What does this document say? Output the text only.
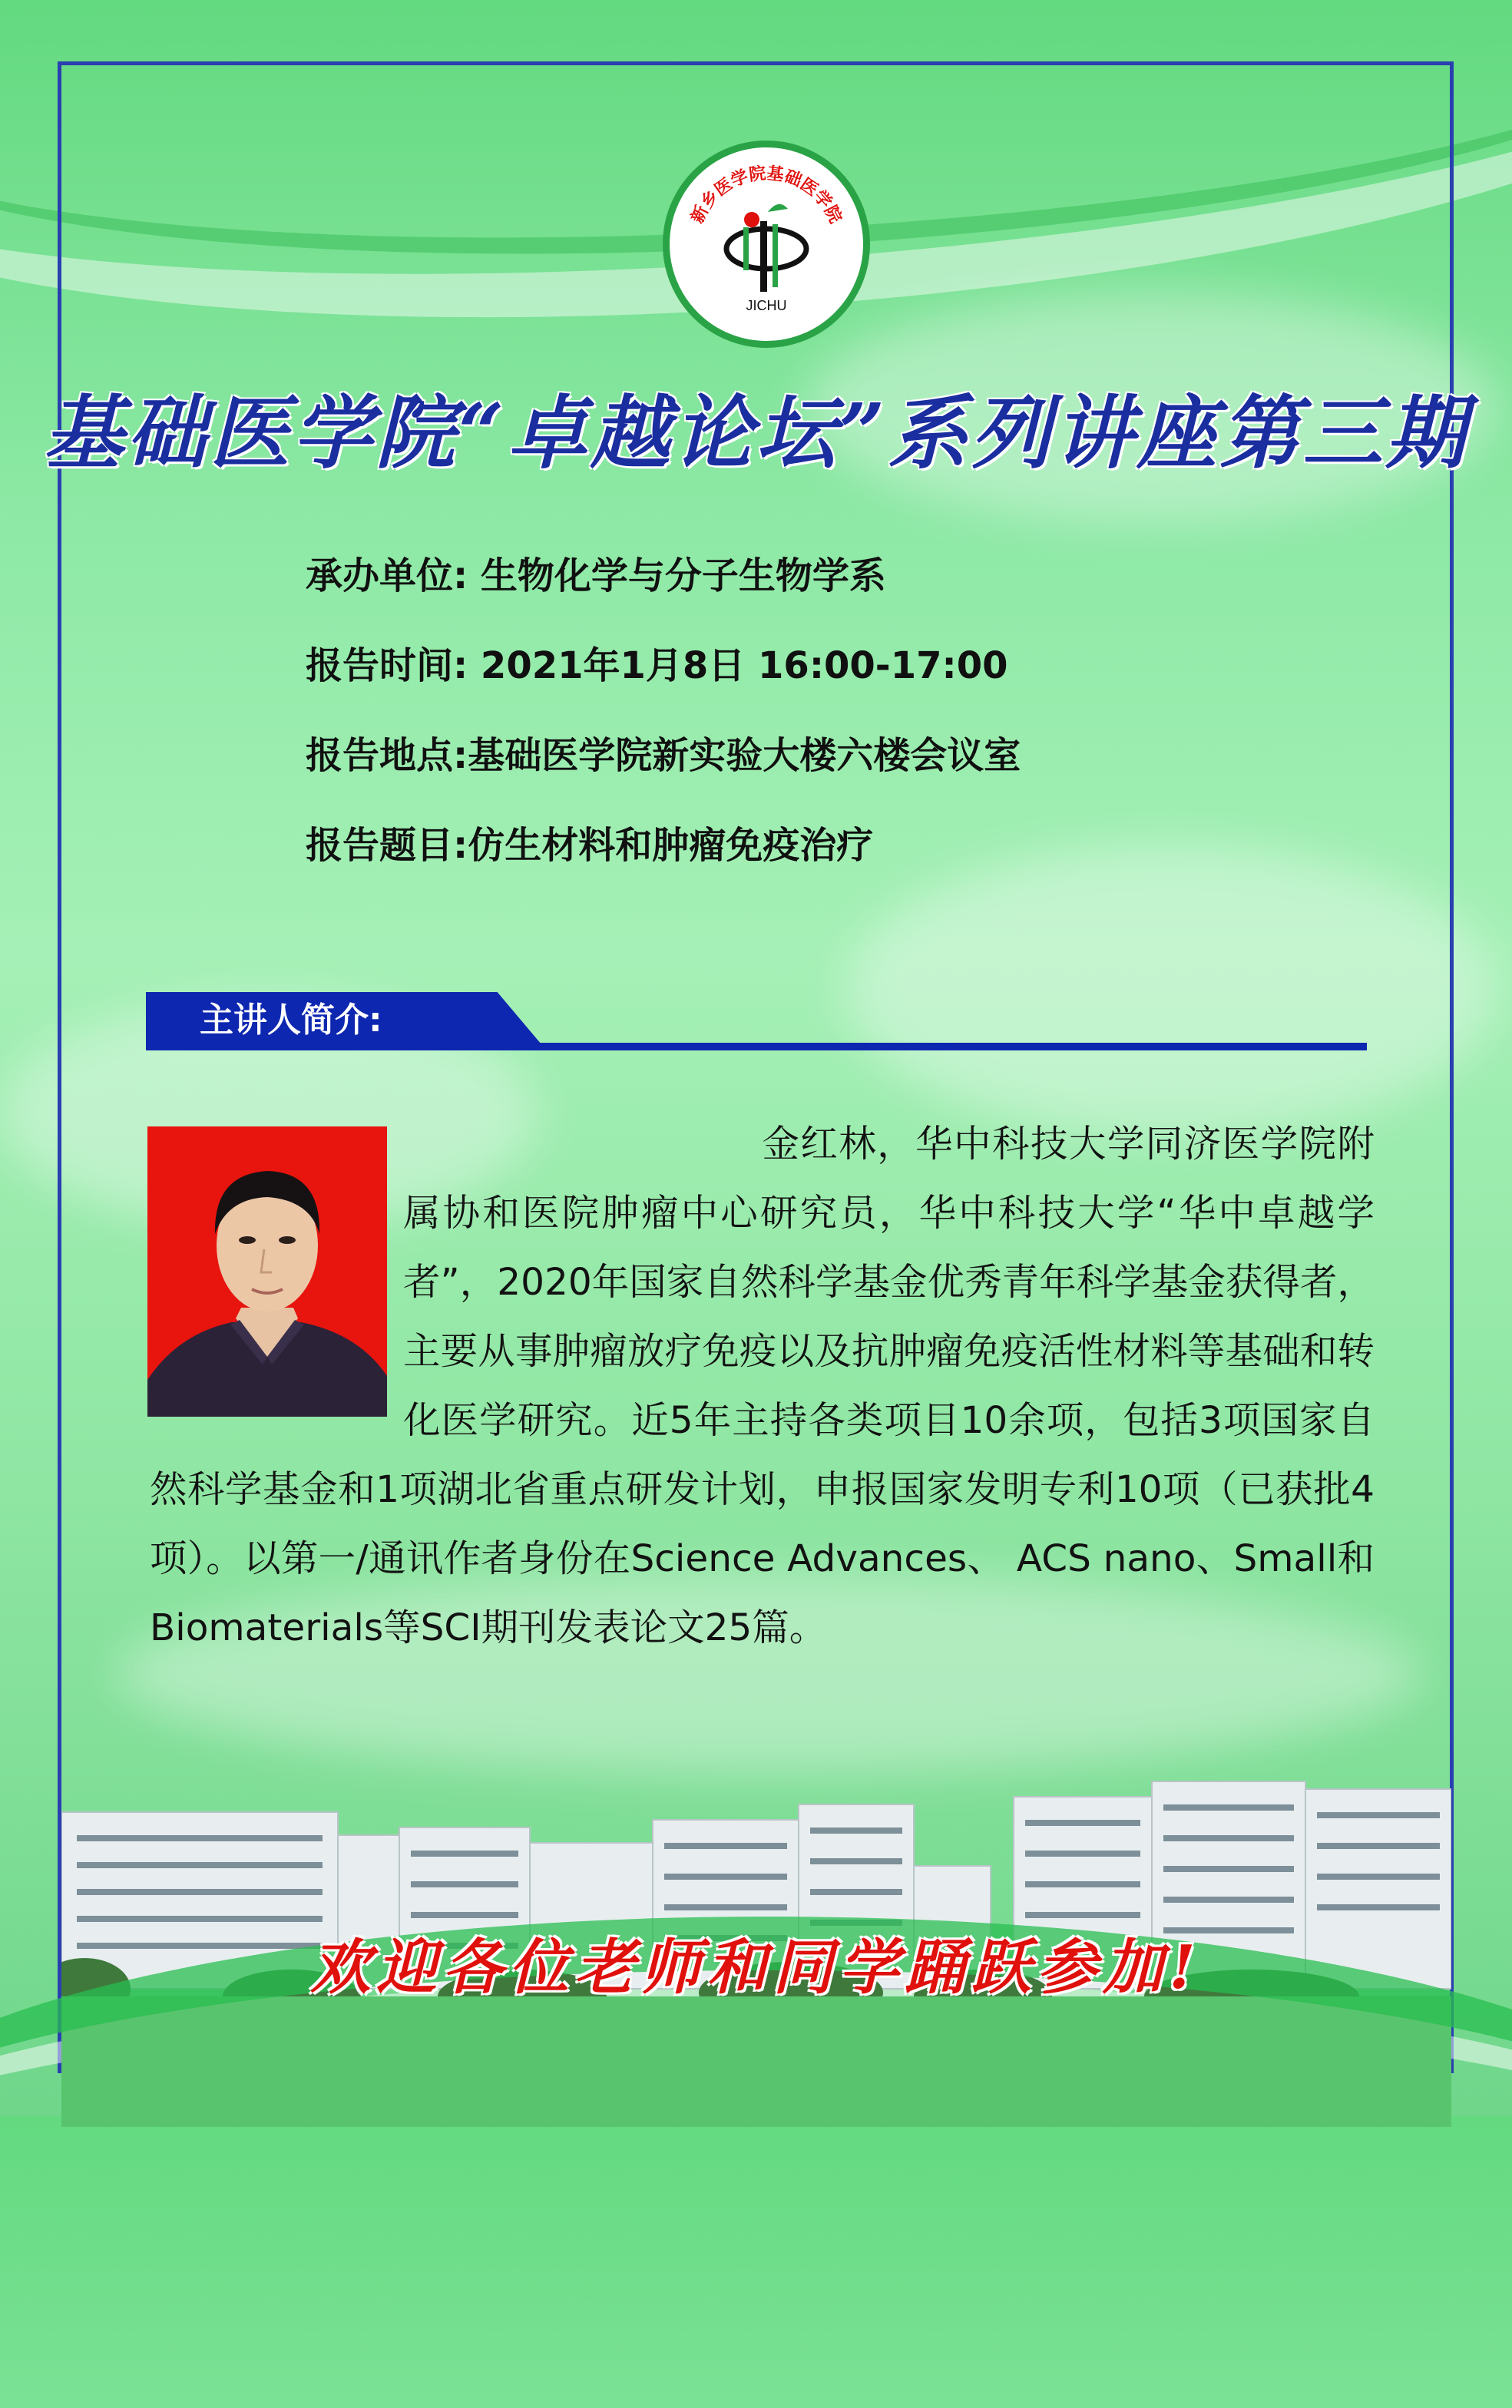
新乡医学院基础医学院
JICHU
基础医学院“卓越论坛”系列讲座第三期
承办单位: 生物化学与分子生物学系
报告时间: 2021年1月8日 16:00-17:00
报告地点:基础医学院新实验大楼六楼会议室
报告题目:仿生材料和肿瘤免疫治疗
主讲人简介:
金红林，华中科技大学同济医学院附属协和医院肿瘤中心研究员，华中科技大学“华中卓越学者”，2020年国家自然科学基金优秀青年科学基金获得者，主要从事肿瘤放疗免疫以及抗肿瘤免疫活性材料等基础和转化医学研究。近5年主持各类项目10余项，包括3项国家自然科学基金和1项湖北省重点研发计划，申报国家发明专利10项（已获批4项）。以第一/通讯作者身份在Science Advances、 ACS nano、Small和Biomaterials等SCI期刊发表论文25篇。
欢迎各位老师和同学踊跃参加!
